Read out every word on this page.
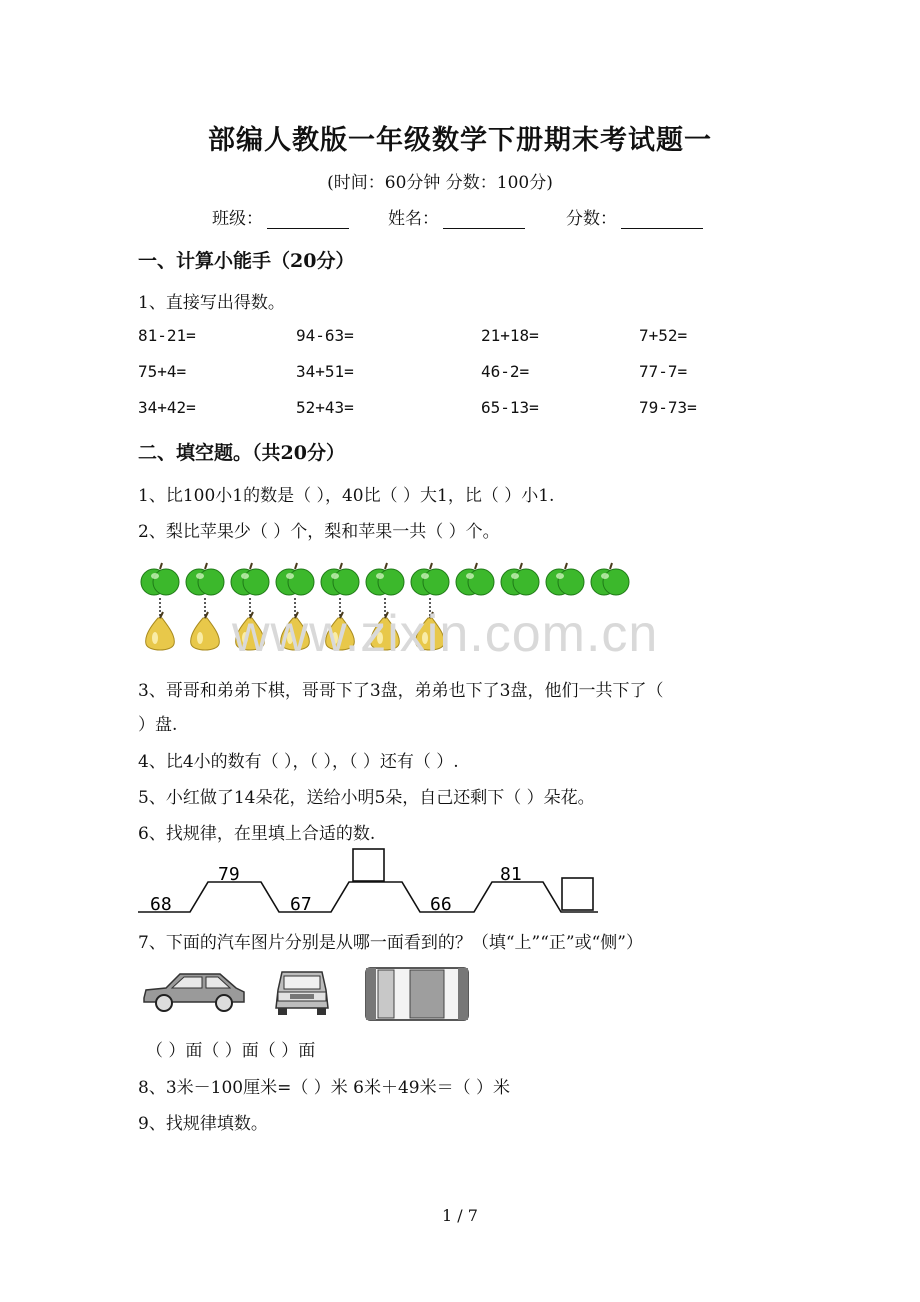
部编人教版一年级数学下册期末考试题一
(时间：60分钟 分数：100分)
班级：	姓名：	分数：
一、计算小能手（20分）
1、直接写出得数。
81-21=	94-63=	21+18=	7+52=
75+4=	34+51=	46-2=	77-7=
34+42=	52+43=	65-13=	79-73=
二、填空题。（共20分）
1、比100小1的数是（ ），40比（ ）大1，比（ ）小1.
2、梨比苹果少（ ）个，梨和苹果一共（ ）个。
www.zixin.com.cn
3、哥哥和弟弟下棋，哥哥下了3盘，弟弟也下了3盘，他们一共下了（
）盘.
4、比4小的数有（ ），（ ），（ ）还有（ ）.
5、小红做了14朵花，送给小明5朵，自己还剩下（ ）朵花。
6、找规律，在里填上合适的数.
68
79
67	66
81
7、下面的汽车图片分别是从哪一面看到的？（填“上”“正”或“侧”）
（ ）面（ ）面（ ）面
8、3米－100厘米=（ ）米 6米＋49米＝（ ）米
9、找规律填数。
1 / 7
